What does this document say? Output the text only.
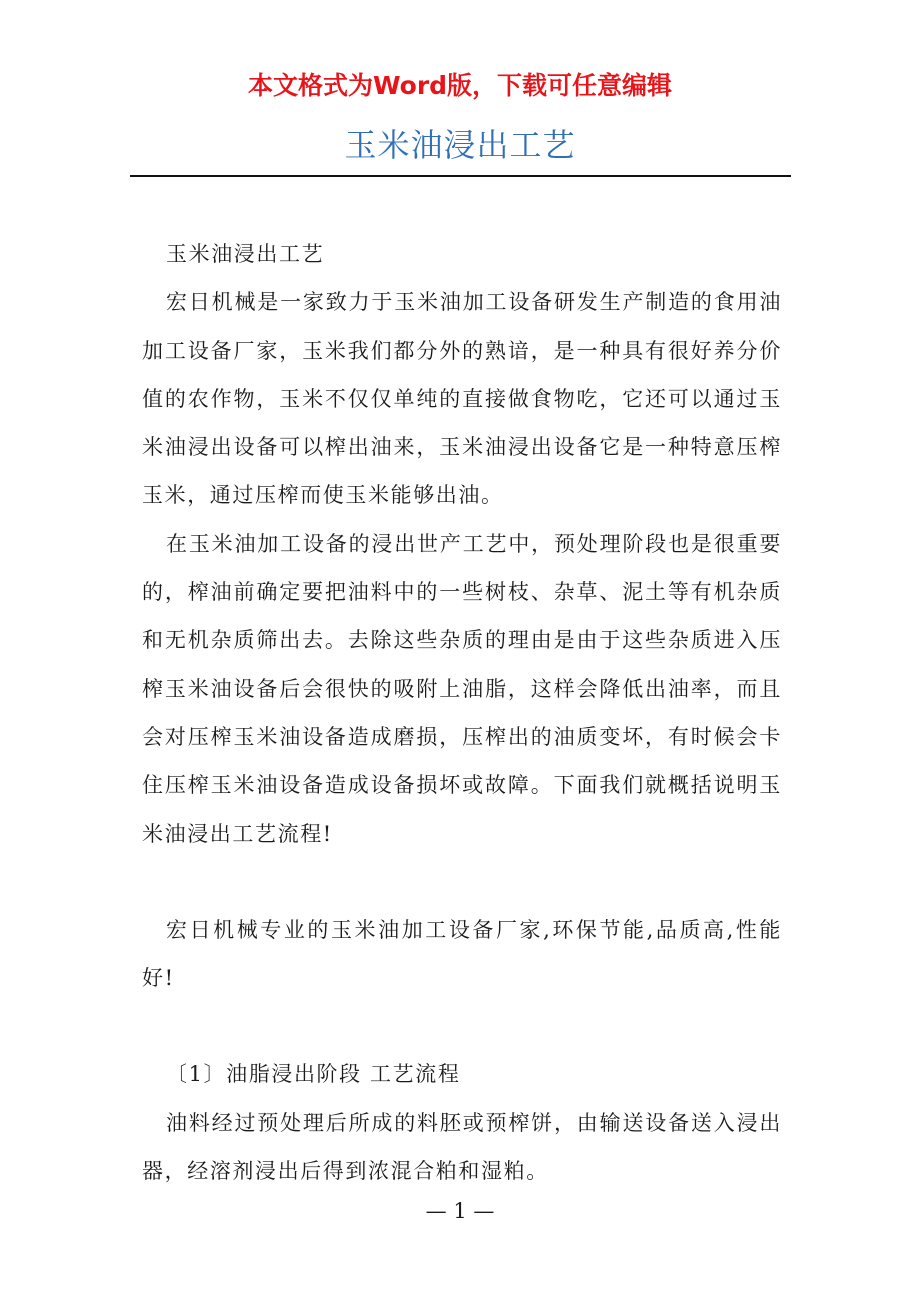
本文格式为Word版，下载可任意编辑
玉米油浸出工艺

玉米油浸出工艺

宏日机械是一家致力于玉米油加工设备研发生产制造的食用油加工设备厂家，玉米我们都分外的熟谙，是一种具有很好养分价值的农作物，玉米不仅仅单纯的直接做食物吃，它还可以通过玉米油浸出设备可以榨出油来，玉米油浸出设备它是一种特意压榨玉米，通过压榨而使玉米能够出油。

在玉米油加工设备的浸出世产工艺中，预处理阶段也是很重要的，榨油前确定要把油料中的一些树枝、杂草、泥土等有机杂质和无机杂质筛出去。去除这些杂质的理由是由于这些杂质进入压榨玉米油设备后会很快的吸附上油脂，这样会降低出油率，而且会对压榨玉米油设备造成磨损，压榨出的油质变坏，有时候会卡住压榨玉米油设备造成设备损坏或故障。下面我们就概括说明玉米油浸出工艺流程!

宏日机械专业的玉米油加工设备厂家,环保节能,品质高,性能好!

〔1〕油脂浸出阶段 工艺流程

油料经过预处理后所成的料胚或预榨饼，由输送设备送入浸出器，经溶剂浸出后得到浓混合粕和湿粕。

— 1 —
